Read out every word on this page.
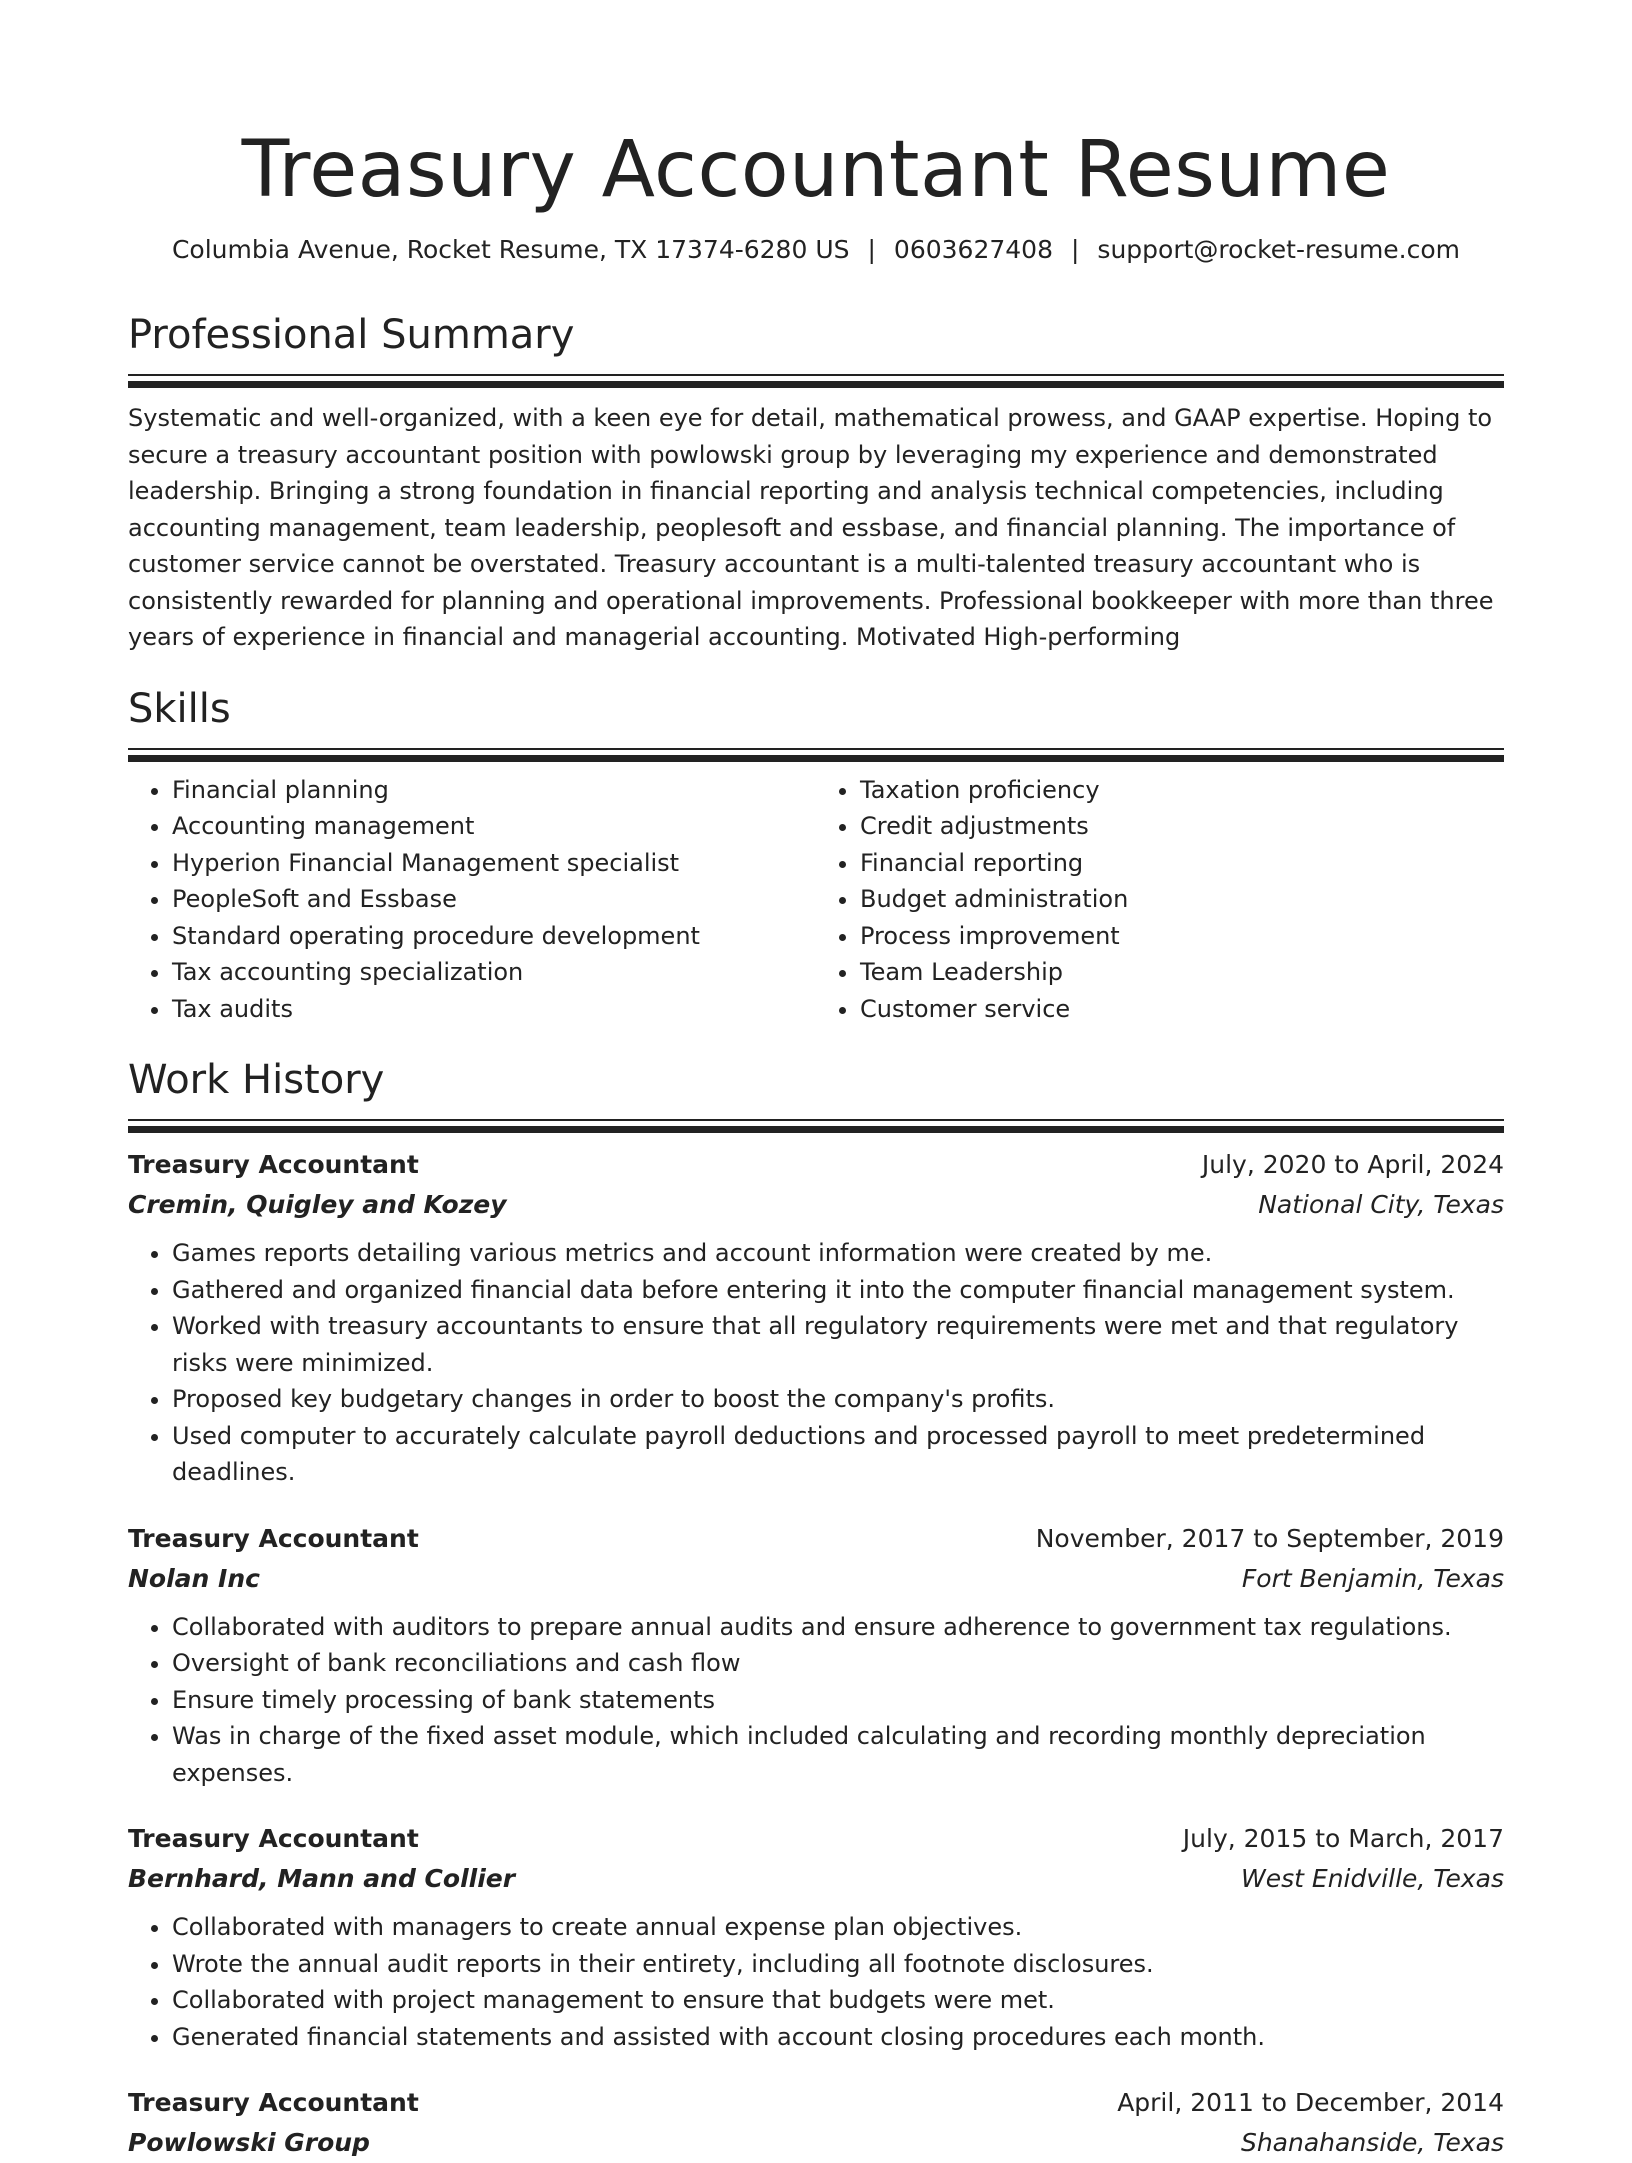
Treasury Accountant Resume
Columbia Avenue, Rocket Resume, TX 17374-6280 US | 0603627408 | support@rocket-resume.com
Professional Summary

Systematic and well-organized, with a keen eye for detail, mathematical prowess, and GAAP expertise. Hoping to secure a treasury accountant position with powlowski group by leveraging my experience and demonstrated leadership. Bringing a strong foundation in financial reporting and analysis technical competencies, including accounting management, team leadership, peoplesoft and essbase, and financial planning. The importance of customer service cannot be overstated. Treasury accountant is a multi-talented treasury accountant who is consistently rewarded for planning and operational improvements. Professional bookkeeper with more than three years of experience in financial and managerial accounting. Motivated High-performing

Skills
• Financial planning
• Accounting management
• Hyperion Financial Management specialist
• PeopleSoft and Essbase
• Standard operating procedure development
• Tax accounting specialization
• Tax audits
• Taxation proficiency
• Credit adjustments
• Financial reporting
• Budget administration
• Process improvement
• Team Leadership
• Customer service
Work History
Treasury Accountant	July, 2020 to April, 2024
Cremin, Quigley and Kozey	National City, Texas
• Games reports detailing various metrics and account information were created by me.
• Gathered and organized financial data before entering it into the computer financial management system.
• Worked with treasury accountants to ensure that all regulatory requirements were met and that regulatory risks were minimized.
• Proposed key budgetary changes in order to boost the company's profits.
• Used computer to accurately calculate payroll deductions and processed payroll to meet predetermined deadlines.
Treasury Accountant	November, 2017 to September, 2019
Nolan Inc	Fort Benjamin, Texas
• Collaborated with auditors to prepare annual audits and ensure adherence to government tax regulations.
• Oversight of bank reconciliations and cash flow
• Ensure timely processing of bank statements
• Was in charge of the fixed asset module, which included calculating and recording monthly depreciation expenses.
Treasury Accountant	July, 2015 to March, 2017
Bernhard, Mann and Collier	West Enidville, Texas
• Collaborated with managers to create annual expense plan objectives.
• Wrote the annual audit reports in their entirety, including all footnote disclosures.
• Collaborated with project management to ensure that budgets were met.
• Generated financial statements and assisted with account closing procedures each month.
Treasury Accountant	April, 2011 to December, 2014
Powlowski Group	Shanahanside, Texas
